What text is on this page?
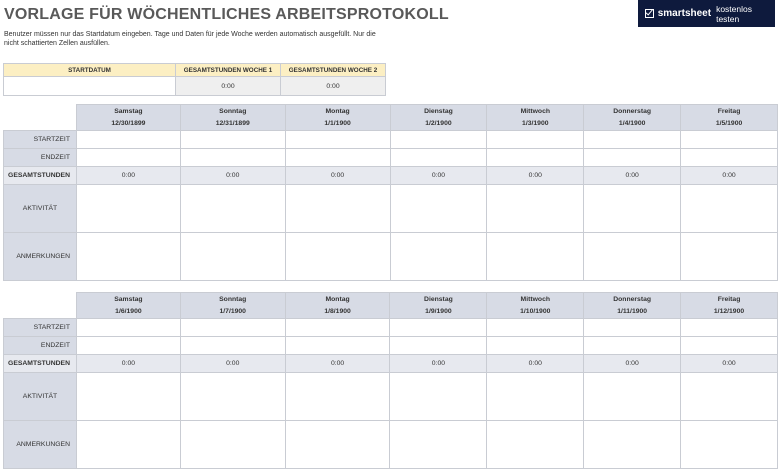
VORLAGE FÜR WÖCHENTLICHES ARBEITSPROTOKOLL
Benutzer müssen nur das Startdatum eingeben. Tage und Daten für jede Woche werden automatisch ausgefüllt. Nur die nicht schattierten Zellen ausfüllen.
smartsheet kostenlos testen
STARTDATUM	GESAMTSTUNDEN WOCHE 1	GESAMTSTUNDEN WOCHE 2
	0:00	0:00
	Samstag	Sonntag	Montag	Dienstag	Mittwoch	Donnerstag	Freitag
	12/30/1899	12/31/1899	1/1/1900	1/2/1900	1/3/1900	1/4/1900	1/5/1900
STARTZEIT							
ENDZEIT							
GESAMTSTUNDEN	0:00	0:00	0:00	0:00	0:00	0:00	0:00
AKTIVITÄT							
ANMERKUNGEN							
	Samstag	Sonntag	Montag	Dienstag	Mittwoch	Donnerstag	Freitag
	1/6/1900	1/7/1900	1/8/1900	1/9/1900	1/10/1900	1/11/1900	1/12/1900
STARTZEIT							
ENDZEIT							
GESAMTSTUNDEN	0:00	0:00	0:00	0:00	0:00	0:00	0:00
AKTIVITÄT							
ANMERKUNGEN							
